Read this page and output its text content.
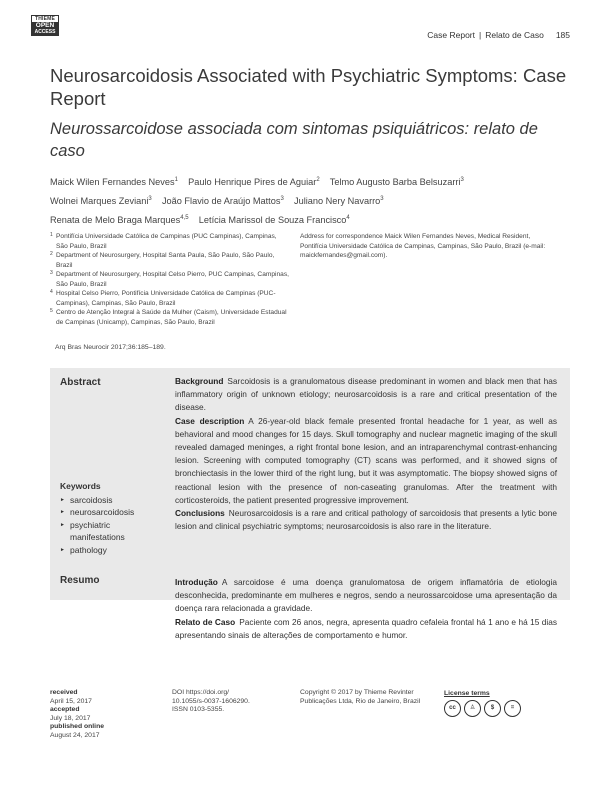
THIEME
OPEN
ACCESS	Case Report | Relato de Caso 185
Neurosarcoidosis Associated with Psychiatric Symptoms: Case Report
Neurossarcoidose associada com sintomas psiquiátricos: relato de caso
Maick Wilen Fernandes Neves$^1$ Paulo Henrique Pires de Aguiar$^2$ Telmo Augusto Barba Belsuzarri$^3$
Wolnei Marques Zeviani$^3$ João Flavio de Araújo Mattos$^3$ Juliano Nery Navarro$^3$
Renata de Melo Braga Marques$^{4,5}$ Letícia Marissol de Souza Francisco$^4$
1 Pontifícia Universidade Católica de Campinas (PUC Campinas), Campinas, São Paulo, Brazil
2 Department of Neurosurgery, Hospital Santa Paula, São Paulo, São Paulo, Brazil
3 Department of Neurosurgery, Hospital Celso Pierro, PUC Campinas, Campinas, São Paulo, Brazil
4 Hospital Celso Pierro, Pontifícia Universidade Católica de Campinas (PUC-Campinas), Campinas, São Paulo, Brazil
5 Centro de Atenção Integral à Saúde da Mulher (Caism), Universidade Estadual de Campinas (Unicamp), Campinas, São Paulo, Brazil
Address for correspondence Maick Wilen Fernandes Neves, Medical Resident, Pontifícia Universidade Católica de Campinas, Campinas, São Paulo, Brazil (e-mail: maickfernandes@gmail.com).
Arq Bras Neurocir 2017;36:185–189.
Abstract	Background Sarcoidosis is a granulomatous disease predominant in women and black men that has inflammatory origin of unknown etiology; neurosarcoidosis is a rare and critical presentation of the disease.

Case description A 26-year-old black female presented frontal headache for 1 year, as well as behavioral and mood changes for 15 days. Skull tomography and nuclear magnetic imaging of the skull revealed damaged meninges, a right frontal bone lesion, and an intraparenchymal contrast-enhancing lesion. Screening with computed tomography (CT) scans was performed, and it showed signs of bronchiectasis in the lower third of the right lung, but it was asymptomatic. The biopsy showed signs of reactional lesion with the presence of non-caseating granulomas. After the treatment with corticosteroids, the patient presented progressive improvement.

Conclusions Neurosarcoidosis is a rare and critical pathology of sarcoidosis that presents a lytic bone lesion and clinical psychiatric symptoms; neurosarcoidosis is also rare in the literature.

Keywords
► sarcoidosis
► neurosarcoidosis
► psychiatric manifestations
► pathology
Resumo	Introdução A sarcoidose é uma doença granulomatosa de origem inflamatória de etiologia desconhecida, predominante em mulheres e negros, sendo a neurossarcoidose uma apresentação da doença rara relacionada a gravidade.

Relato de Caso Paciente com 26 anos, negra, apresenta quadro cefaleia frontal há 1 ano e há 15 dias apresentando sinais de alterações de comportamento e humor.

received
April 15, 2017
accepted
July 18, 2017
published online
August 24, 2017
DOI https://doi.org/
10.1055/s-0037-1606290.
ISSN 0103-5355.
Copyright © 2017 by Thieme Revinter
Publicações Ltda, Rio de Janeiro, Brazil
License terms
cc	♙	$	=
